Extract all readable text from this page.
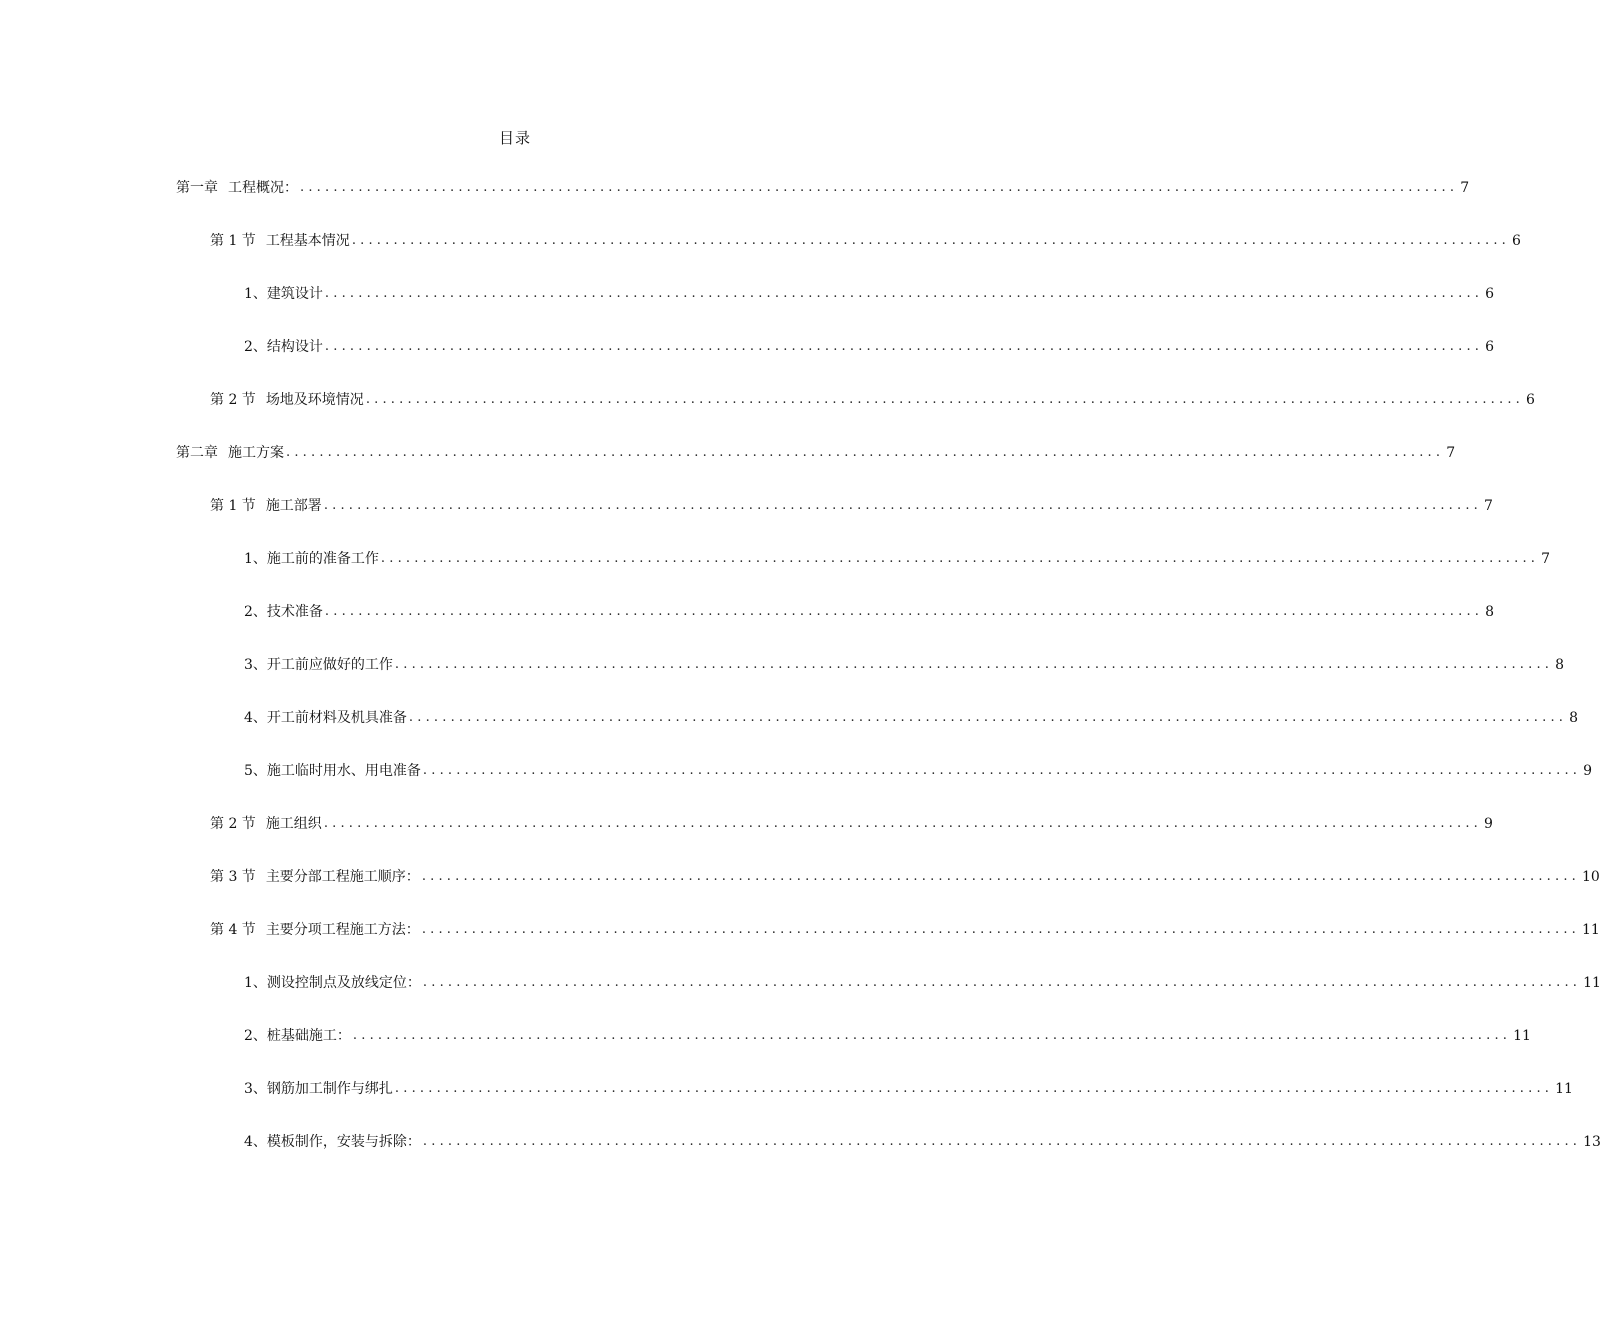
目录
第一章 工程概况： ........................................................................................................................................... 7
第 1 节 工程基本情况 ........................................................................................................................................... 6
1、 建筑设计 ........................................................................................................................................... 6
2、 结构设计 ........................................................................................................................................... 6
第 2 节 场地及环境情况 ........................................................................................................................................... 6
第二章 施工方案 ........................................................................................................................................... 7
第 1 节 施工部署 ........................................................................................................................................... 7
1、 施工前的准备工作 ........................................................................................................................................... 7
2、 技术准备 ........................................................................................................................................... 8
3、 开工前应做好的工作 ........................................................................................................................................... 8
4、 开工前材料及机具准备 ........................................................................................................................................... 8
5、 施工临时用水、用电准备 ........................................................................................................................................... 9
第 2 节 施工组织 ........................................................................................................................................... 9
第 3 节 主要分部工程施工顺序： ........................................................................................................................................... 10
第 4 节 主要分项工程施工方法： ........................................................................................................................................... 11
1、 测设控制点及放线定位： ........................................................................................................................................... 11
2、 桩基础施工： ........................................................................................................................................... 11
3、 钢筋加工制作与绑扎 ........................................................................................................................................... 11
4、 模板制作，安装与拆除： ........................................................................................................................................... 13
